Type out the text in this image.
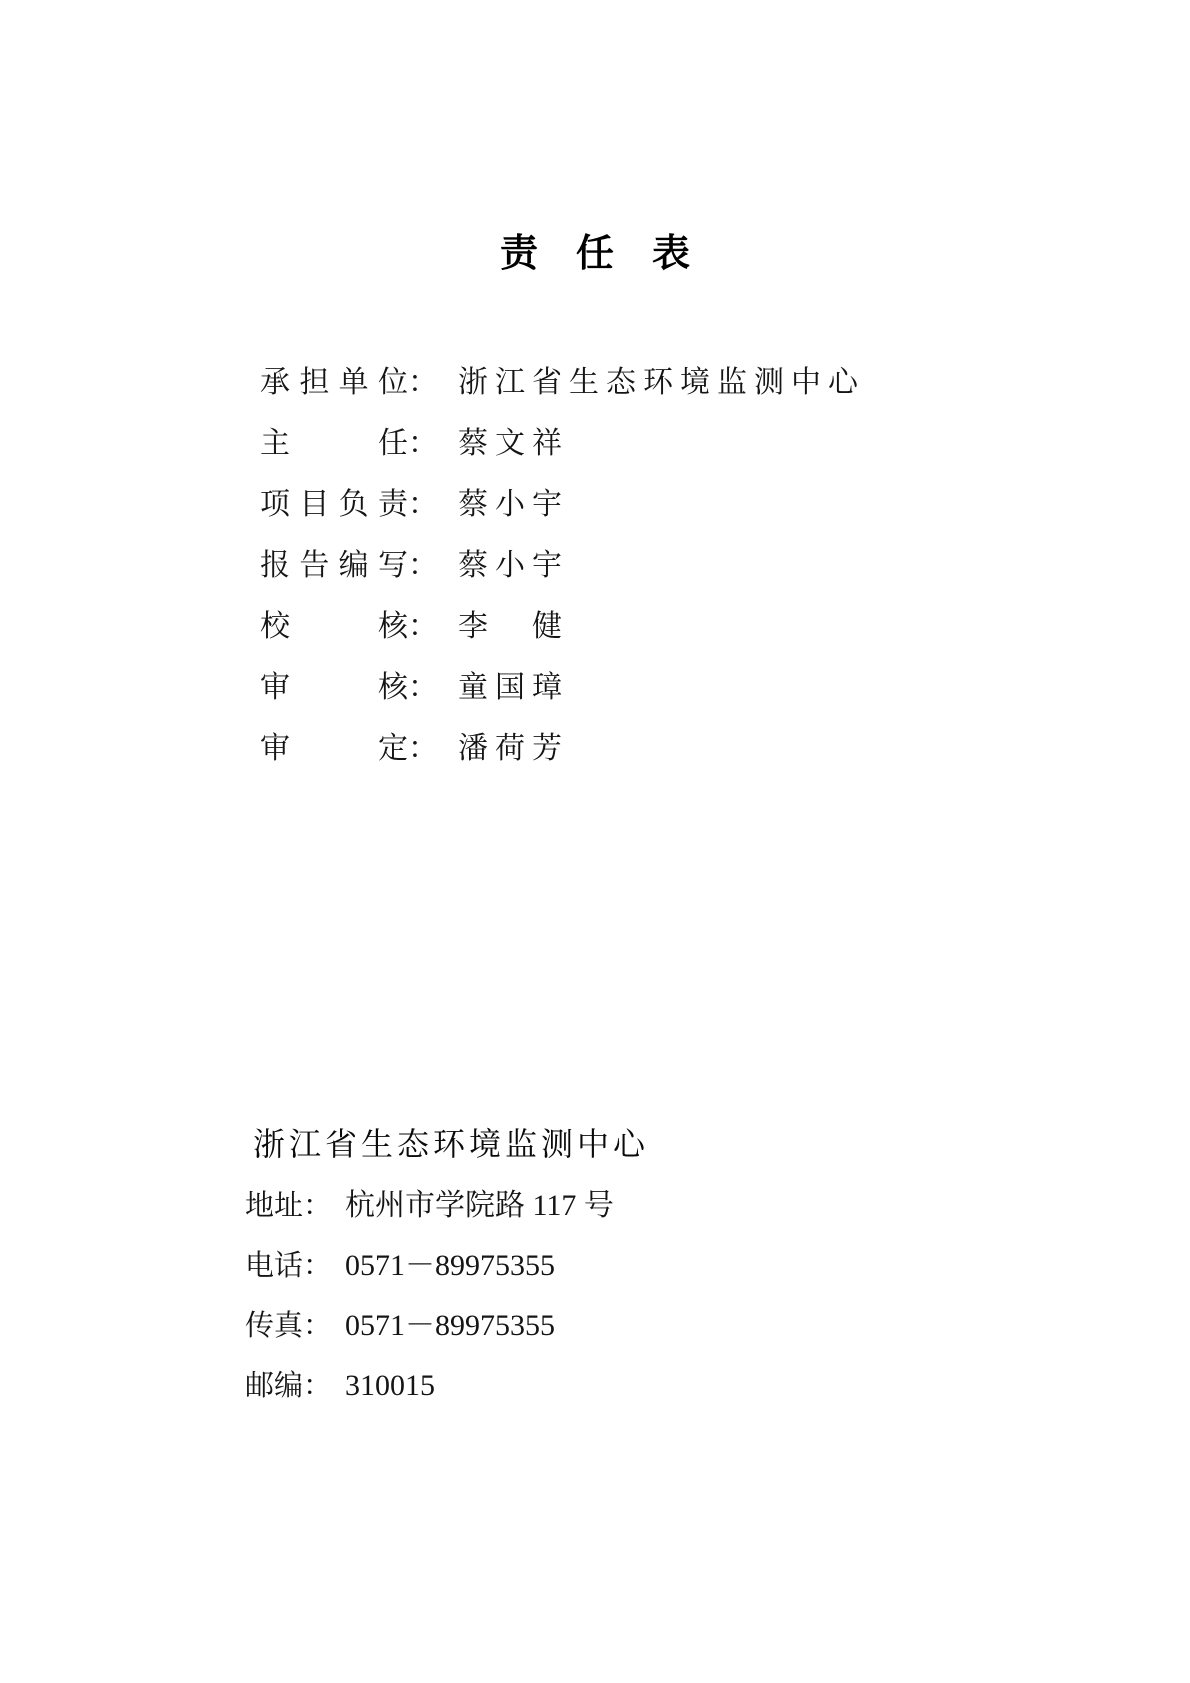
责　任　表
承 担 单 位 ： 浙江省生态环境监测中心
主	任 ： 蔡文祥
项 目 负 责 ： 蔡小宇
报 告 编 写 ： 蔡小宇
校	核 ： 李　健
审	核 ： 童国璋
审	定 ： 潘荷芳
浙江省生态环境监测中心
地址 ： 杭州市学院路 117 号
电话 ： 0571－89975355
传真 ： 0571－89975355
邮编 ： 310015
